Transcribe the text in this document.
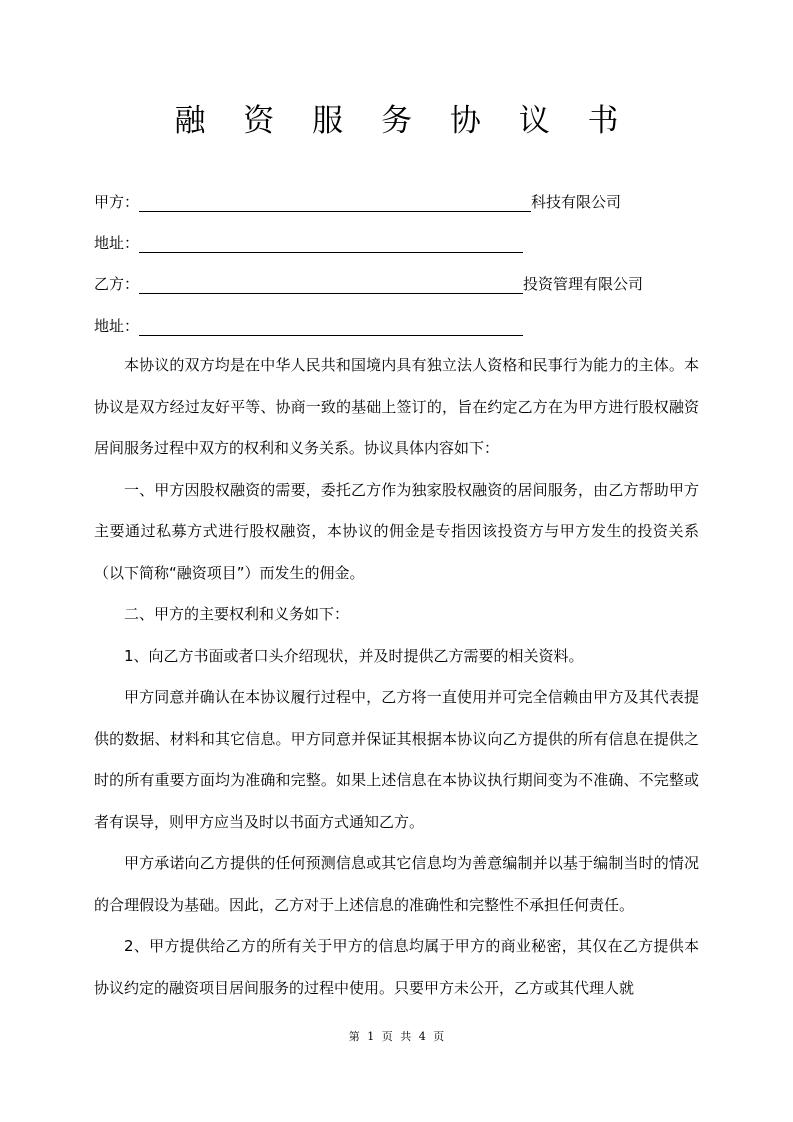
融 资 服 务 协 议 书
甲方：	科技有限公司
地址：
乙方：	投资管理有限公司
地址：

本协议的双方均是在中华人民共和国境内具有独立法人资格和民事行为能力的主体。本协议是双方经过友好平等、协商一致的基础上签订的，旨在约定乙方在为甲方进行股权融资居间服务过程中双方的权利和义务关系。协议具体内容如下：

一、甲方因股权融资的需要，委托乙方作为独家股权融资的居间服务，由乙方帮助甲方主要通过私募方式进行股权融资，本协议的佣金是专指因该投资方与甲方发生的投资关系（以下简称“融资项目”）而发生的佣金。

二、甲方的主要权利和义务如下：

1、向乙方书面或者口头介绍现状，并及时提供乙方需要的相关资料。

甲方同意并确认在本协议履行过程中，乙方将一直使用并可完全信赖由甲方及其代表提供的数据、材料和其它信息。甲方同意并保证其根据本协议向乙方提供的所有信息在提供之时的所有重要方面均为准确和完整。如果上述信息在本协议执行期间变为不准确、不完整或者有误导，则甲方应当及时以书面方式通知乙方。

甲方承诺向乙方提供的任何预测信息或其它信息均为善意编制并以基于编制当时的情况的合理假设为基础。因此，乙方对于上述信息的准确性和完整性不承担任何责任。

2、甲方提供给乙方的所有关于甲方的信息均属于甲方的商业秘密，其仅在乙方提供本协议约定的融资项目居间服务的过程中使用。只要甲方未公开，乙方或其代理人就

第 1 页 共 4 页
